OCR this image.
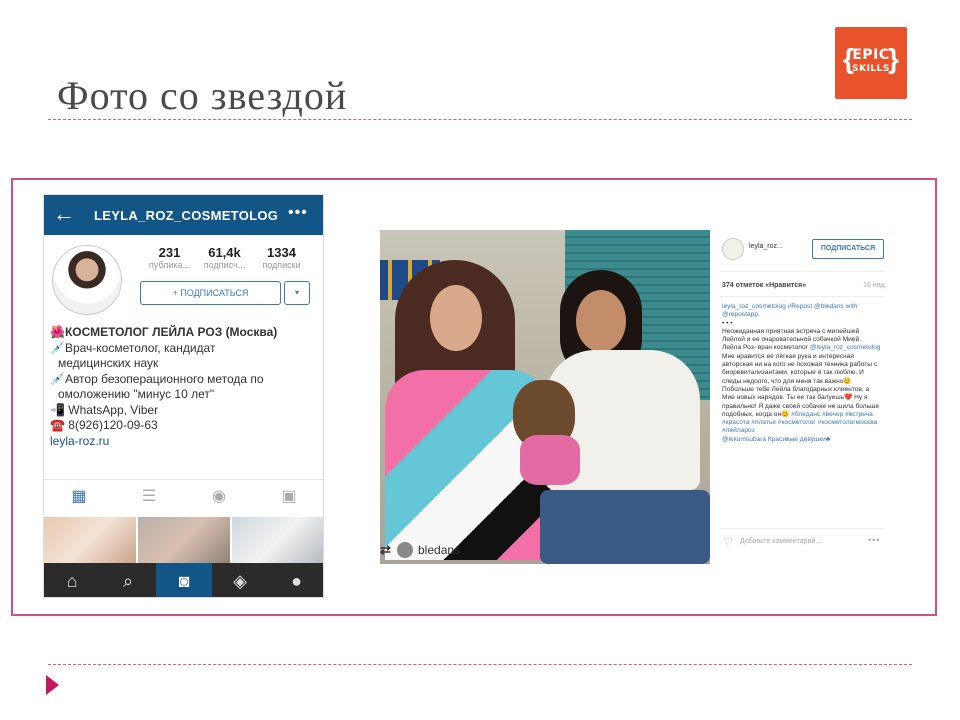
Фото со звездой
{
EPIC
SKILLS
}
← LEYLA_ROZ_COSMETOLOG •••
231
публика...
61,4k
подписч...
1334
подписки
+ ПОДПИСАТЬСЯ	▾
🌺КОСМЕТОЛОГ ЛЕЙЛА РОЗ (Москва)
💉Врач-косметолог, кандидат
медицинских наук
💉Автор безоперационного метода по
омоложению "минус 10 лет"
📲 WhatsApp, Viber
☎️ 8(926)120-09-63
leyla-roz.ru
▦	☰	◉	▣
⌂	⌕	◙	◈	●
⇄ bledans
leyla_roz...	ПОДПИСАТЬСЯ
374 отметок «Нравится»	16 нед.
leyla_roz_cosmetolog #Repost @bledans with @repostapp.
• • •
Неожиданная приятная встреча с милейшей Лейлой и ее очаровательной собачкой Мией. Лейла Роз- врач косметолог @leyla_roz_cosmetolog Мне нравится ее лёгкая рука и интересная авторская ни на кого не похожая техника работы с биоревитализантами, которые я так люблю. И следы недолго, что для меня так важно😊 Побольше тебе Лейла благодарных клиентов, а Мие новых нарядов. Ты ее так балуешь❤️ Ну я правильно! Я даже своей собачке не шила больше подобных, когда он😊 #бледанс #вечер #встреча #красота #платье #косметолог #косметологмосква #лейлароз
@ikkumsubara Красивые девушки♣
♡ Добавьте комментарий...	•••
